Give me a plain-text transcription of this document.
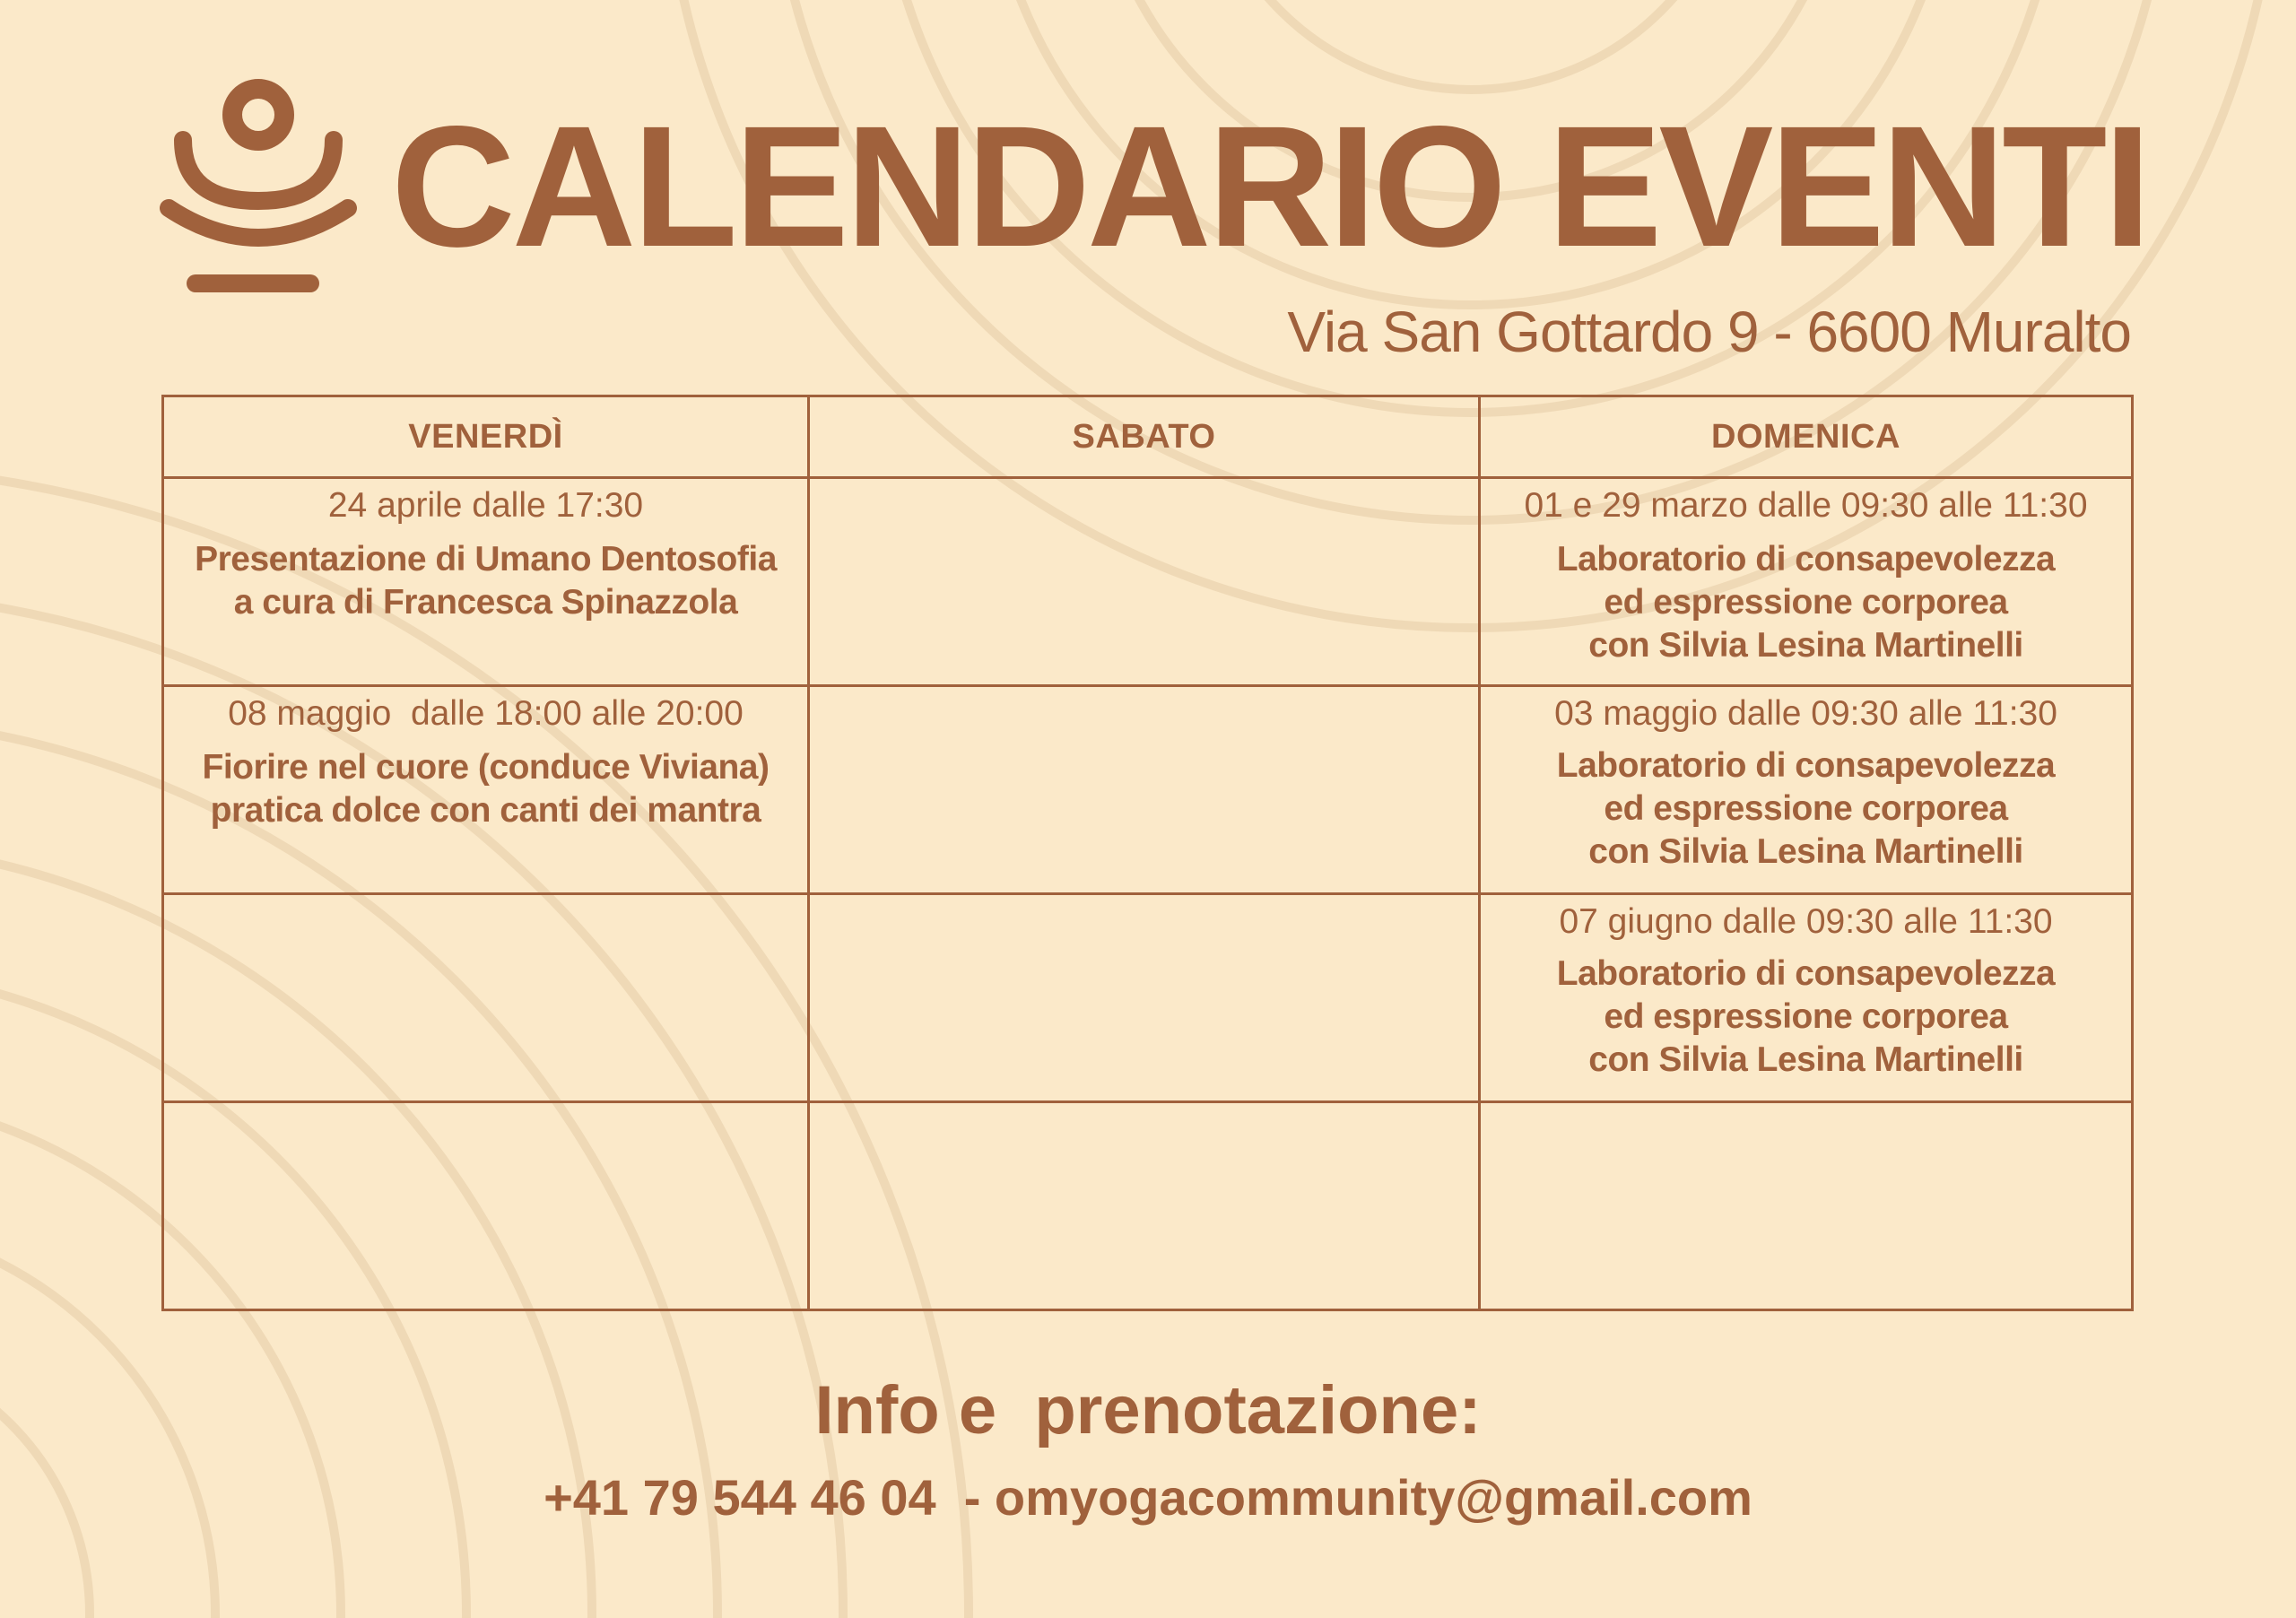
CALENDARIO EVENTI
Via San Gottardo 9 - 6600 Muralto
VENERDÌ	SABATO	DOMENICA

24 aprile dalle 17:30
Presentazione di Umano Dentosofia
a cura di Francesca Spinazzola		01 e 29 marzo dalle 09:30 alle 11:30
Laboratorio di consapevolezza
ed espressione corporea
con Silvia Lesina Martinelli

08 maggio  dalle 18:00 alle 20:00
Fiorire nel cuore (conduce Viviana)
pratica dolce con canti dei mantra		03 maggio dalle 09:30 alle 11:30
Laboratorio di consapevolezza
ed espressione corporea
con Silvia Lesina Martinelli

		07 giugno dalle 09:30 alle 11:30
Laboratorio di consapevolezza
ed espressione corporea
con Silvia Lesina Martinelli

Info e  prenotazione:
+41 79 544 46 04  - omyogacommunity@gmail.com
